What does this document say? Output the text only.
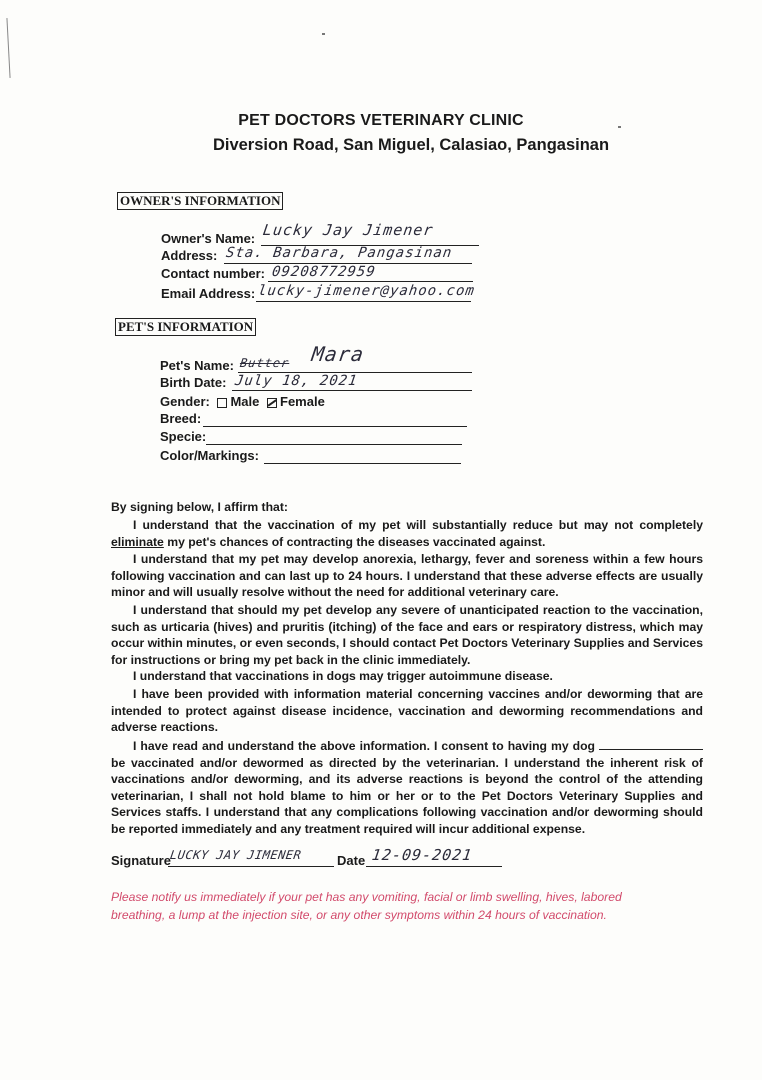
PET DOCTORS VETERINARY CLINIC
Diversion Road, San Miguel, Calasiao, Pangasinan
OWNER'S INFORMATION
Owner's Name: Lucky Jay Jimener
Address: Sta. Barbara, Pangasinan
Contact number: 09208772959
Email Address: lucky-jimener@yahoo.com
PET'S INFORMATION
Pet's Name: Butter Mara
Birth Date: July 18, 2021
Gender: Male Female
Breed:
Specie:
Color/Markings:
By signing below, I affirm that:
I understand that the vaccination of my pet will substantially reduce but may not completely eliminate my pet's chances of contracting the diseases vaccinated against.
I understand that my pet may develop anorexia, lethargy, fever and soreness within a few hours following vaccination and can last up to 24 hours. I understand that these adverse effects are usually minor and will usually resolve without the need for additional veterinary care.
I understand that should my pet develop any severe of unanticipated reaction to the vaccination, such as urticaria (hives) and pruritis (itching) of the face and ears or respiratory distress, which may occur within minutes, or even seconds, I should contact Pet Doctors Veterinary Supplies and Services for instructions or bring my pet back in the clinic immediately.
I understand that vaccinations in dogs may trigger autoimmune disease.
I have been provided with information material concerning vaccines and/or deworming that are intended to protect against disease incidence, vaccination and deworming recommendations and adverse reactions.
I have read and understand the above information. I consent to having my dog  be vaccinated and/or dewormed as directed by the veterinarian. I understand the inherent risk of vaccinations and/or deworming, and its adverse reactions is beyond the control of the attending veterinarian, I shall not hold blame to him or her or to the Pet Doctors Veterinary Supplies and Services staffs. I understand that any complications following vaccination and/or deworming should be reported immediately and any treatment required will incur additional expense.
Signature
LUCKY JAY JIMENER	Date 12-09-2021
Please notify us immediately if your pet has any vomiting, facial or limb swelling, hives, labored breathing, a lump at the injection site, or any other symptoms within 24 hours of vaccination.
